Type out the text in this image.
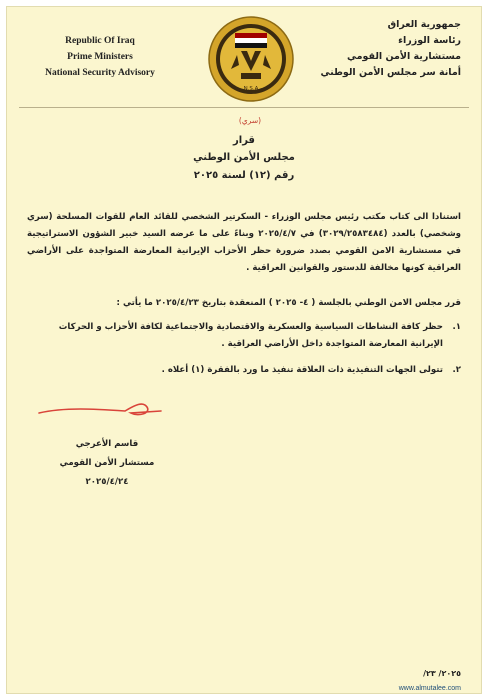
Republic Of Iraq
Prime Ministers
National Security Advisory
جمهورية العراق
رئاسة الوزراء
مستشارية الأمن القومي
أمانة سر مجلس الأمن الوطني
N.S.A
(سري)
قرار
مجلس الأمن الوطني
رقم (١٢) لسنة ٢٠٢٥
استنادا الى كتاب مكتب رئيس مجلس الوزراء - السكرتير الشخصي للقائد العام للقوات المسلحة (سري وشخصي) بالعدد (٣٠٢٩/٢٥٨٣٤٨٤) في ٢٠٢٥/٤/٧ وبناءً على ما عرضه السيد خبير الشؤون الاستراتيجية في مستشارية الامن القومي بصدد ضرورة حظر الأحزاب الإيرانية المعارضة المتواجدة على الأراضي العراقية كونها مخالفة للدستور والقوانين العراقية .
قرر مجلس الامن الوطني بالجلسة ( ٤- ٢٠٢٥ ) المنعقدة بتاريخ ٢٠٢٥/٤/٢٣ ما يأتي :
١.
حظر كافة النشاطات السياسية والعسكرية والاقتصادية والاجتماعية لكافة الأحزاب و الحركات الإيرانية المعارضة المتواجدة داخل الأراضي العراقية .
٢.
تتولى الجهات التنفيذية ذات العلاقة تنفيذ ما ورد بالفقرة (١) أعلاه .
قاسم الأعرجي
مستشار الأمن القومي
٢٠٢٥/٤/٢٤
٢٠٢٥/ ٢٣/
www.almutalee.com
